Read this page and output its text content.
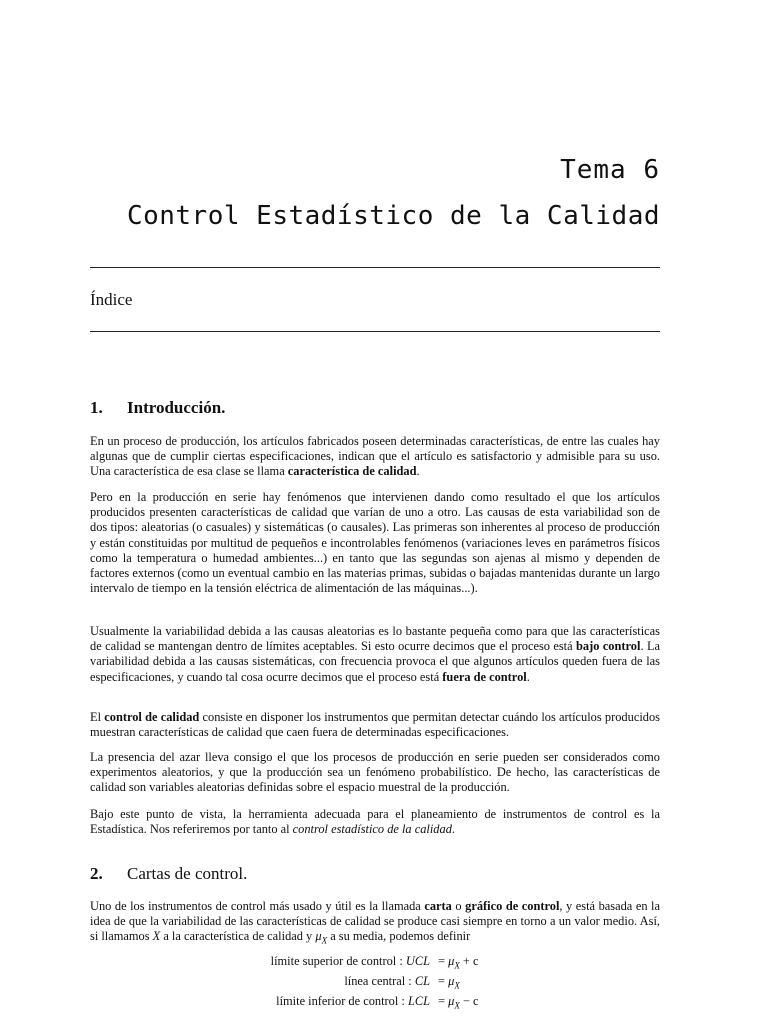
Tema 6
Control Estadístico de la Calidad
Índice
1. Introducción.
En un proceso de producción, los artículos fabricados poseen determinadas características, de entre las cuales hay algunas que de cumplir ciertas especificaciones, indican que el artículo es satisfactorio y admisible para su uso. Una característica de esa clase se llama característica de calidad.
Pero en la producción en serie hay fenómenos que intervienen dando como resultado el que los artículos producidos presenten características de calidad que varían de uno a otro. Las causas de esta variabilidad son de dos tipos: aleatorias (o casuales) y sistemáticas (o causales). Las primeras son inherentes al proceso de producción y están constituidas por multitud de pequeños e incontrolables fenómenos (variaciones leves en parámetros físicos como la temperatura o humedad ambientes...) en tanto que las segundas son ajenas al mismo y dependen de factores externos (como un eventual cambio en las materias primas, subidas o bajadas mantenidas durante un largo intervalo de tiempo en la tensión eléctrica de alimentación de las máquinas...).
Usualmente la variabilidad debida a las causas aleatorias es lo bastante pequeña como para que las características de calidad se mantengan dentro de límites aceptables. Si esto ocurre decimos que el proceso está bajo control. La variabilidad debida a las causas sistemáticas, con frecuencia provoca el que algunos artículos queden fuera de las especificaciones, y cuando tal cosa ocurre decimos que el proceso está fuera de control.
El control de calidad consiste en disponer los instrumentos que permitan detectar cuándo los artículos producidos muestran características de calidad que caen fuera de determinadas especificaciones.
La presencia del azar lleva consigo el que los procesos de producción en serie pueden ser considerados como experimentos aleatorios, y que la producción sea un fenómeno probabilístico. De hecho, las características de calidad son variables aleatorias definidas sobre el espacio muestral de la producción.
Bajo este punto de vista, la herramienta adecuada para el planeamiento de instrumentos de control es la Estadística. Nos referiremos por tanto al control estadístico de la calidad.
2. Cartas de control.
Uno de los instrumentos de control más usado y útil es la llamada carta o gráfico de control, y está basada en la idea de que la variabilidad de las características de calidad se produce casi siempre en torno a un valor medio. Así, si llamamos X a la característica de calidad y $\mu_X$ a su media, podemos definir
límite superior de control : UCL = $\mu_X + c$
línea central : CL = $\mu_X$
límite inferior de control : LCL = $\mu_X - c$
